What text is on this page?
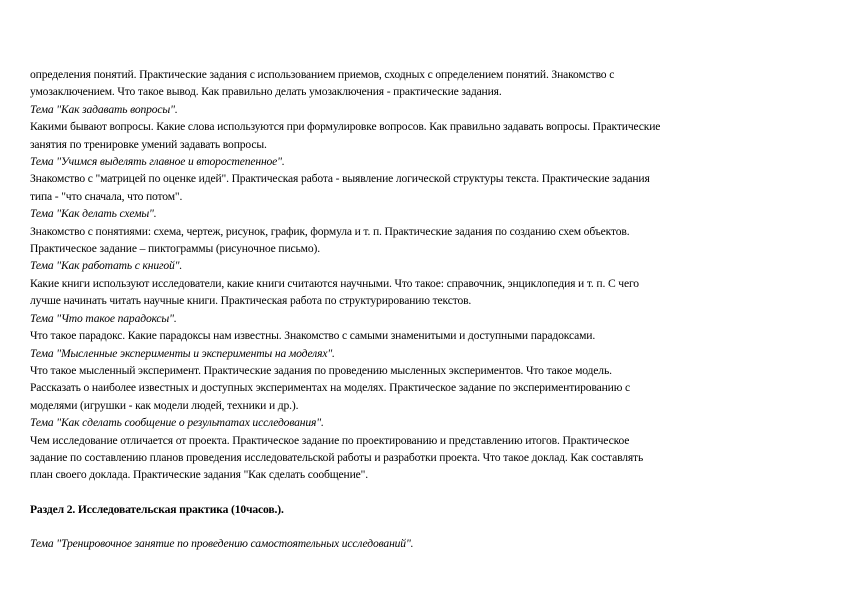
определения понятий. Практические задания с использованием приемов, сходных с определением понятий. Знакомство с
умозаключением. Что такое вывод. Как правильно делать умозаключения - практические задания.
Тема "Как задавать вопросы".
Какими бывают вопросы. Какие слова используются при формулировке вопросов. Как правильно задавать вопросы. Практические
занятия по тренировке умений задавать вопросы.
Тема "Учимся выделять главное и второстепенное".
Знакомство с "матрицей по оценке идей". Практическая работа - выявление логической структуры текста. Практические задания
типа - "что сначала, что потом".
Тема "Как делать схемы".
Знакомство с понятиями: схема, чертеж, рисунок, график, формула и т. п. Практические задания по созданию схем объектов.
Практическое задание – пиктограммы (рисуночное письмо).
Тема "Как работать с книгой".
Какие книги используют исследователи, какие книги считаются научными. Что такое: справочник, энциклопедия и т. п. С чего
лучше начинать читать научные книги. Практическая работа по структурированию текстов.
Тема "Что такое парадоксы".
Что такое парадокс. Какие парадоксы нам известны. Знакомство с самыми знаменитыми и доступными парадоксами.
Тема "Мысленные эксперименты и эксперименты на моделях".
Что такое мысленный эксперимент. Практические задания по проведению мысленных экспериментов. Что такое модель.
Рассказать о наиболее известных и доступных экспериментах на моделях. Практическое задание по экспериментированию с
моделями (игрушки - как модели людей, техники и др.).
Тема "Как сделать сообщение о результатах исследования".
Чем исследование отличается от проекта. Практическое задание по проектированию и представлению итогов. Практическое
задание по составлению планов проведения исследовательской работы и разработки проекта. Что такое доклад. Как составлять
план своего доклада. Практические задания "Как сделать сообщение".
Раздел 2. Исследовательская практика (10часов.).
Тема "Тренировочное занятие по проведению самостоятельных исследований".
